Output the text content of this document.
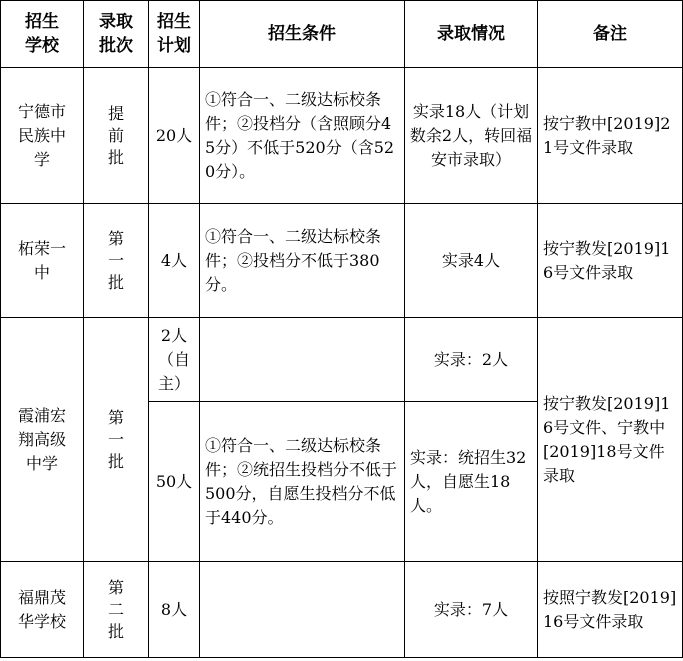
招生学校	录取批次	招生计划	招生条件	录取情况	备注
宁德市民族中学	提前批	20人	①符合一、二级达标校条件；②投档分（含照顾分45分）不低于520分（含520分）。	实录18人（计划数余2人，转回福安市录取）	按宁教中[2019]21号文件录取
柘荣一中	第一批	4人	①符合一、二级达标校条件；②投档分不低于380分。	实录4人	按宁教发[2019]16号文件录取
霞浦宏翔高级中学	第一批	2人（自主）		实录：2人	按宁教发[2019]16号文件、宁教中[2019]18号文件录取
		50人	①符合一、二级达标校条件；②统招生投档分不低于500分，自愿生投档分不低于440分。	实录：统招生32人，自愿生18人。	
福鼎茂华学校	第二批	8人		实录：7人	按照宁教发[2019]16号文件录取
